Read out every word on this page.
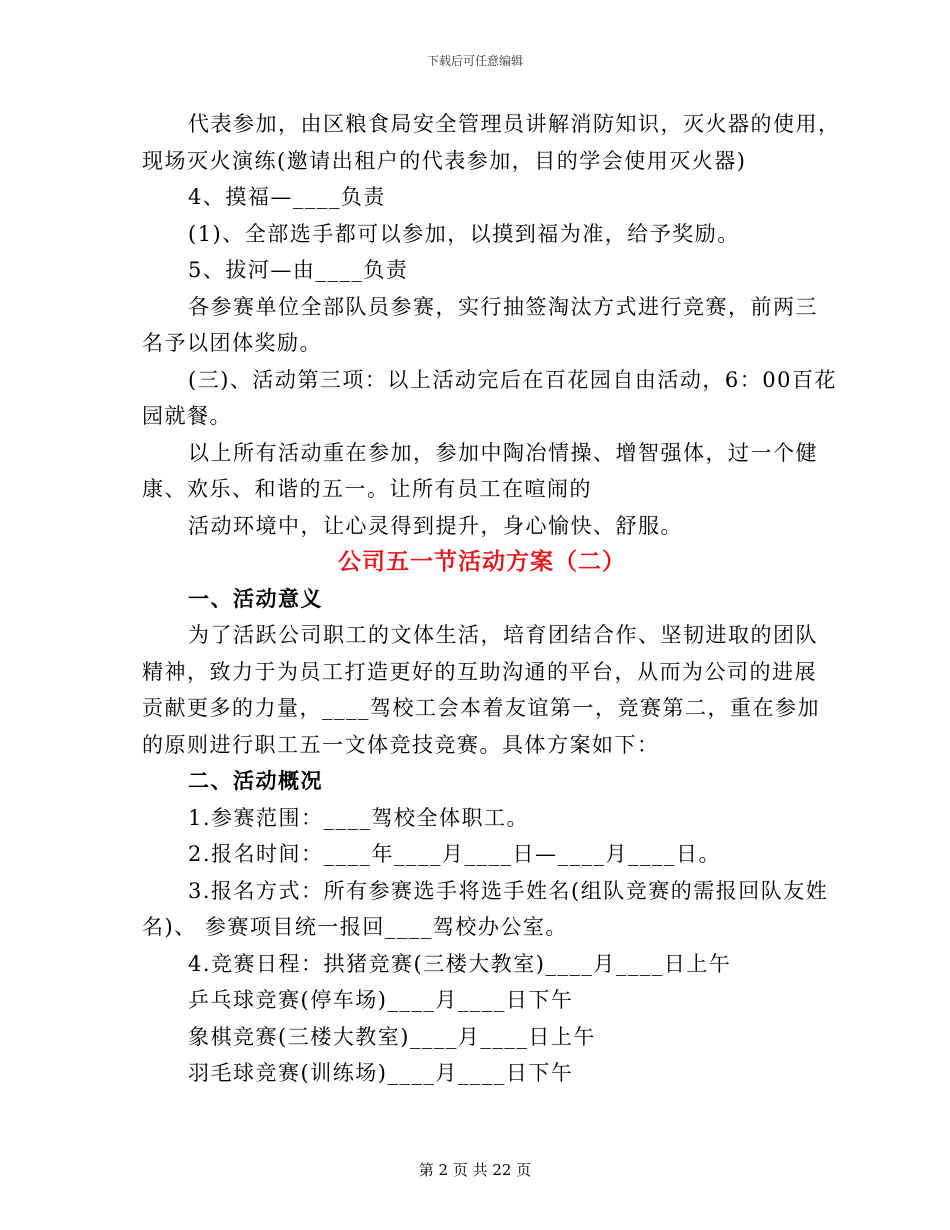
下载后可任意编辑
代表参加，由区粮食局安全管理员讲解消防知识，灭火器的使用，
现场灭火演练(邀请出租户的代表参加，目的学会使用灭火器)
4、摸福—____负责
(1)、全部选手都可以参加，以摸到福为准，给予奖励。
5、拔河—由____负责
各参赛单位全部队员参赛，实行抽签淘汰方式进行竞赛，前两三
名予以团体奖励。
(三)、活动第三项：以上活动完后在百花园自由活动，6：00百花
园就餐。
以上所有活动重在参加，参加中陶冶情操、增智强体，过一个健
康、欢乐、和谐的五一。让所有员工在喧闹的
活动环境中，让心灵得到提升，身心愉快、舒服。
公司五一节活动方案（二）
一、活动意义
为了活跃公司职工的文体生活，培育团结合作、坚韧进取的团队
精神，致力于为员工打造更好的互助沟通的平台，从而为公司的进展
贡献更多的力量，____驾校工会本着友谊第一，竞赛第二，重在参加
的原则进行职工五一文体竞技竞赛。具体方案如下：
二、活动概况
1.参赛范围：____驾校全体职工。
2.报名时间：____年____月____日—____月____日。
3.报名方式：所有参赛选手将选手姓名(组队竞赛的需报回队友姓
名)、 参赛项目统一报回____驾校办公室。
4.竞赛日程：拱猪竞赛(三楼大教室)____月____日上午
乒乓球竞赛(停车场)____月____日下午
象棋竞赛(三楼大教室)____月____日上午
羽毛球竞赛(训练场)____月____日下午
第 2 页 共 22 页
